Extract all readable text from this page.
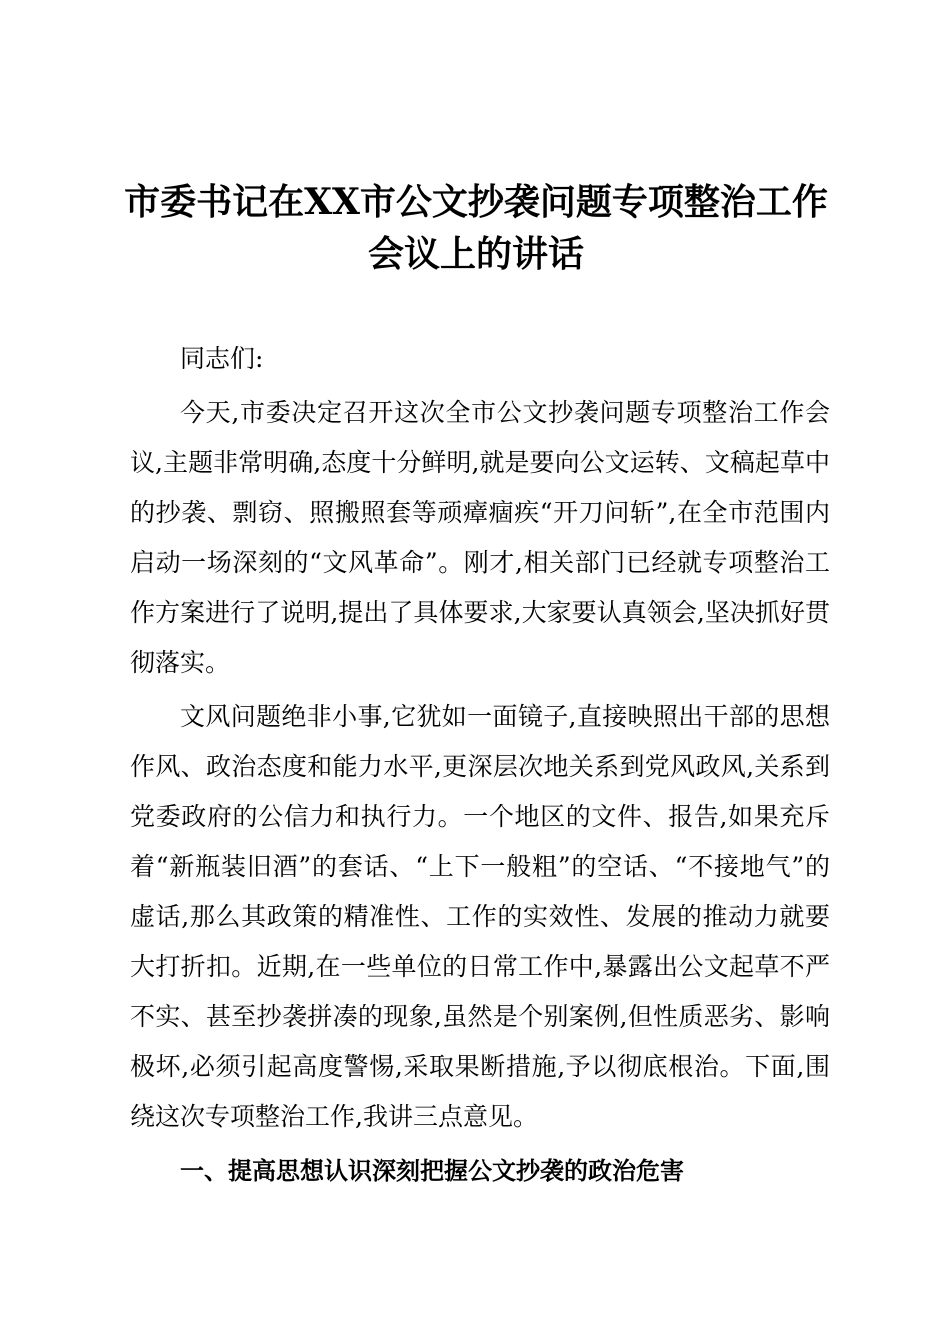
市委书记在XX市公文抄袭问题专项整治工作会议上的讲话

同志们:

今天,市委决定召开这次全市公文抄袭问题专项整治工作会议,主题非常明确,态度十分鲜明,就是要向公文运转、文稿起草中的抄袭、剽窃、照搬照套等顽瘴痼疾“开刀问斩”,在全市范围内启动一场深刻的“文风革命”。刚才,相关部门已经就专项整治工作方案进行了说明,提出了具体要求,大家要认真领会,坚决抓好贯彻落实。

文风问题绝非小事,它犹如一面镜子,直接映照出干部的思想作风、政治态度和能力水平,更深层次地关系到党风政风,关系到党委政府的公信力和执行力。一个地区的文件、报告,如果充斥着“新瓶装旧酒”的套话、“上下一般粗”的空话、“不接地气”的虚话,那么其政策的精准性、工作的实效性、发展的推动力就要大打折扣。近期,在一些单位的日常工作中,暴露出公文起草不严不实、甚至抄袭拼凑的现象,虽然是个别案例,但性质恶劣、影响极坏,必须引起高度警惕,采取果断措施,予以彻底根治。下面,围绕这次专项整治工作,我讲三点意见。

一、提高思想认识深刻把握公文抄袭的政治危害
